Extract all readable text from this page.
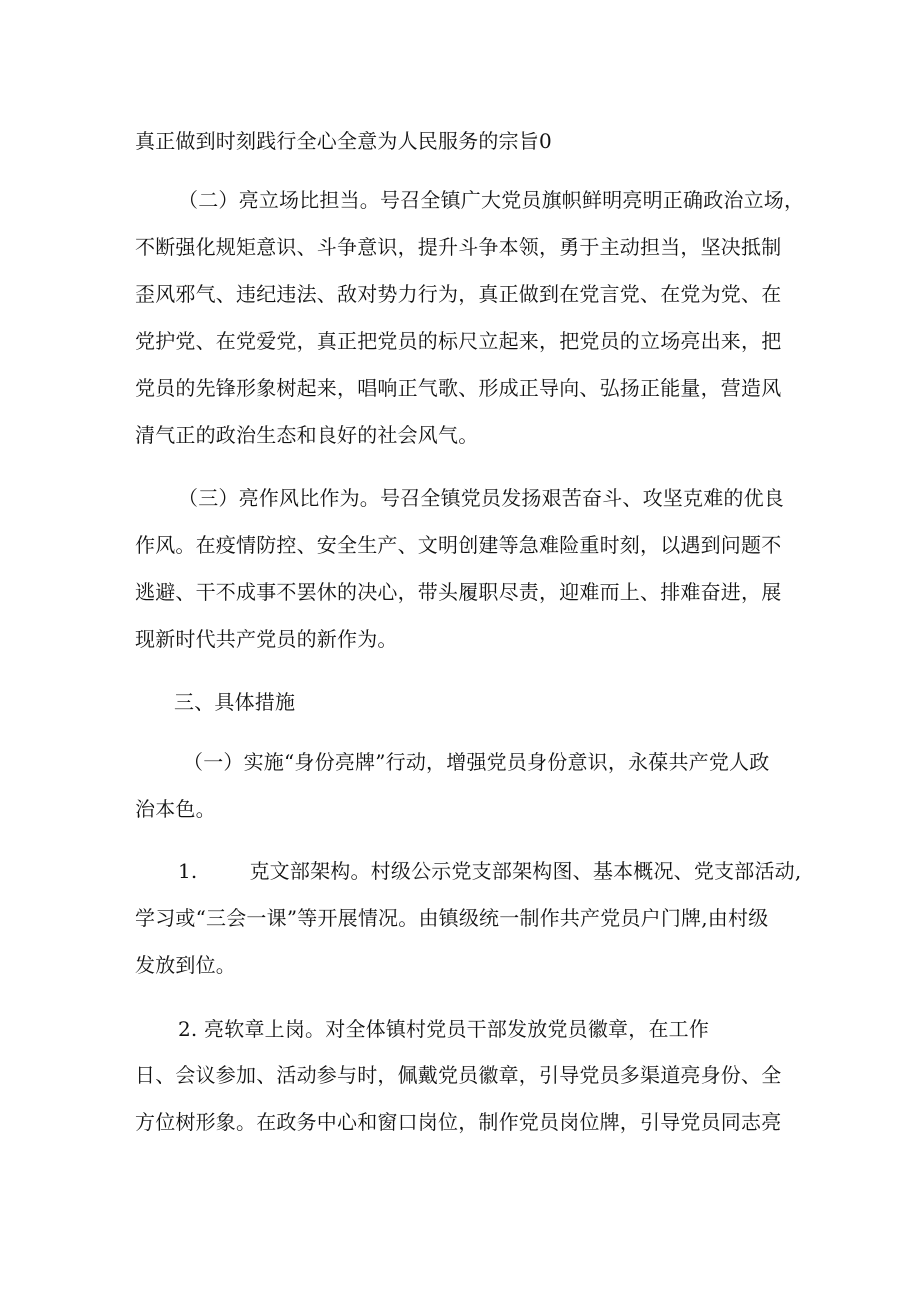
真正做到时刻践行全心全意为人民服务的宗旨0
（二）亮立场比担当。号召全镇广大党员旗帜鲜明亮明正确政治立场，
不断强化规矩意识、斗争意识，提升斗争本领，勇于主动担当，坚决抵制
歪风邪气、违纪违法、敌对势力行为，真正做到在党言党、在党为党、在
党护党、在党爱党，真正把党员的标尺立起来，把党员的立场亮出来，把
党员的先锋形象树起来，唱响正气歌、形成正导向、弘扬正能量，营造风
清气正的政治生态和良好的社会风气。
（三）亮作风比作为。号召全镇党员发扬艰苦奋斗、攻坚克难的优良
作风。在疫情防控、安全生产、文明创建等急难险重时刻，以遇到问题不
逃避、干不成事不罢休的决心，带头履职尽责，迎难而上、排难奋进，展
现新时代共产党员的新作为。
三、具体措施
（一）实施“身份亮牌”行动，增强党员身份意识，永葆共产党人政
治本色。
1.	克文部架构。村级公示党支部架构图、基本概况、党支部活动,
学习或“三会一课”等开展情况。由镇级统一制作共产党员户门牌,由村级
发放到位。
2. 亮软章上岗。对全体镇村党员干部发放党员徽章，在工作
日、会议参加、活动参与时，佩戴党员徽章，引导党员多渠道亮身份、全
方位树形象。在政务中心和窗口岗位，制作党员岗位牌，引导党员同志亮
